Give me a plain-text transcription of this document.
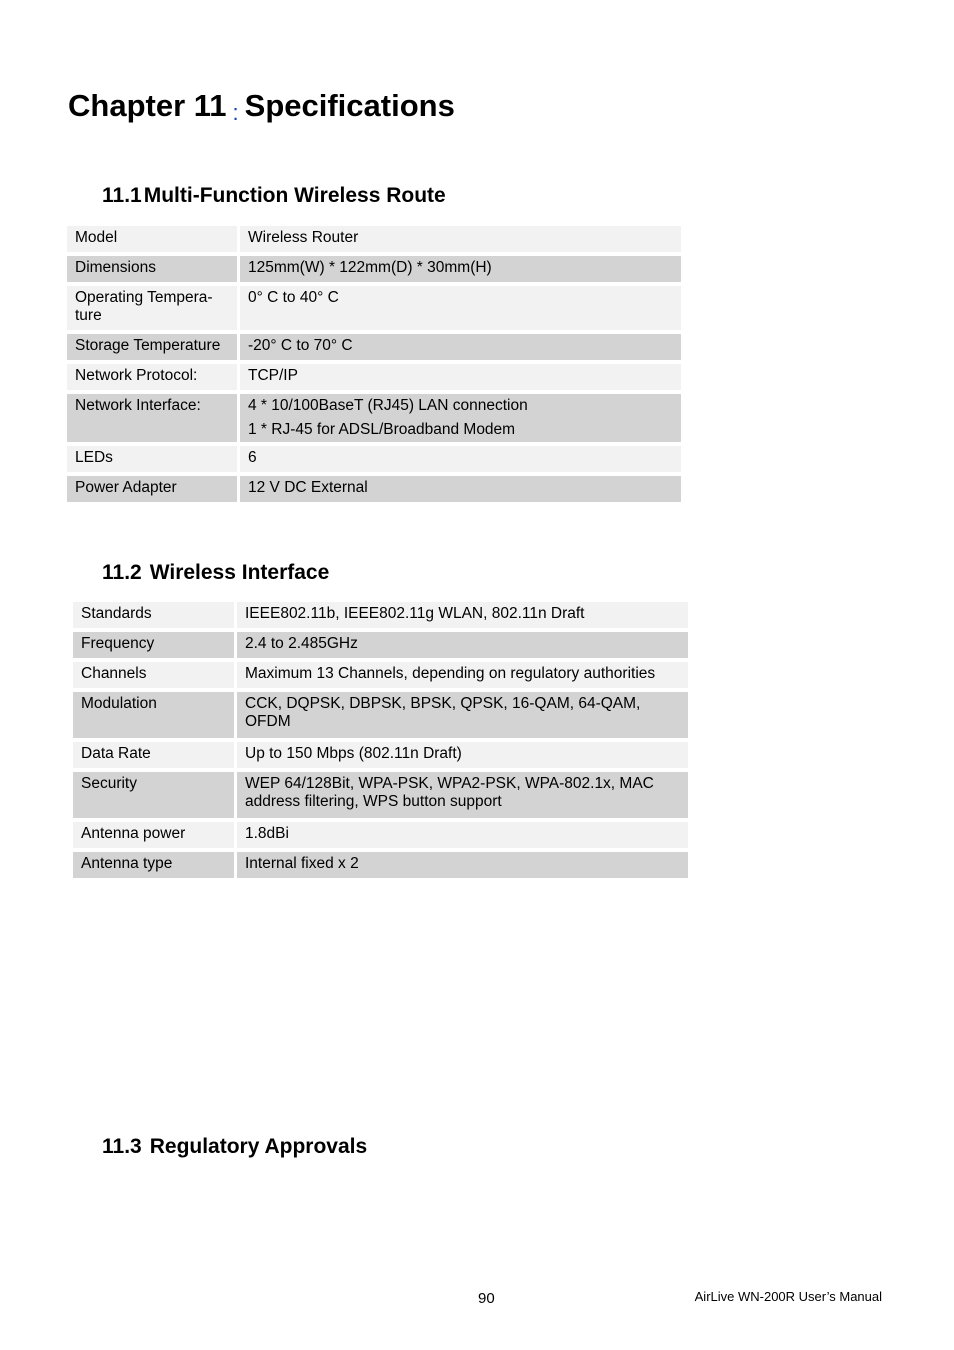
Chapter 11 : Specifications
11.1Multi-Function Wireless Route
Model	Wireless Router

Dimensions	125mm(W) * 122mm(D) * 30mm(H)

Operating Tempera-
ture	0° C to 40° C

Storage Temperature	-20° C to 70° C

Network Protocol:	TCP/IP

Network Interface:	4 * 10/100BaseT (RJ45) LAN connection
1 * RJ-45 for ADSL/Broadband Modem

LEDs	6

Power Adapter	12 V DC External
11.2 Wireless Interface
Standards	IEEE802.11b, IEEE802.11g WLAN, 802.11n Draft

Frequency	2.4 to 2.485GHz

Channels	Maximum 13 Channels, depending on regulatory authorities

Modulation	CCK, DQPSK, DBPSK, BPSK, QPSK, 16-QAM, 64-QAM,
OFDM

Data Rate	Up to 150 Mbps (802.11n Draft)

Security	WEP 64/128Bit, WPA-PSK, WPA2-PSK, WPA-802.1x, MAC
address filtering, WPS button support

Antenna power	1.8dBi

Antenna type	Internal fixed x 2
11.3 Regulatory Approvals
90	AirLive WN-200R User’s Manual
